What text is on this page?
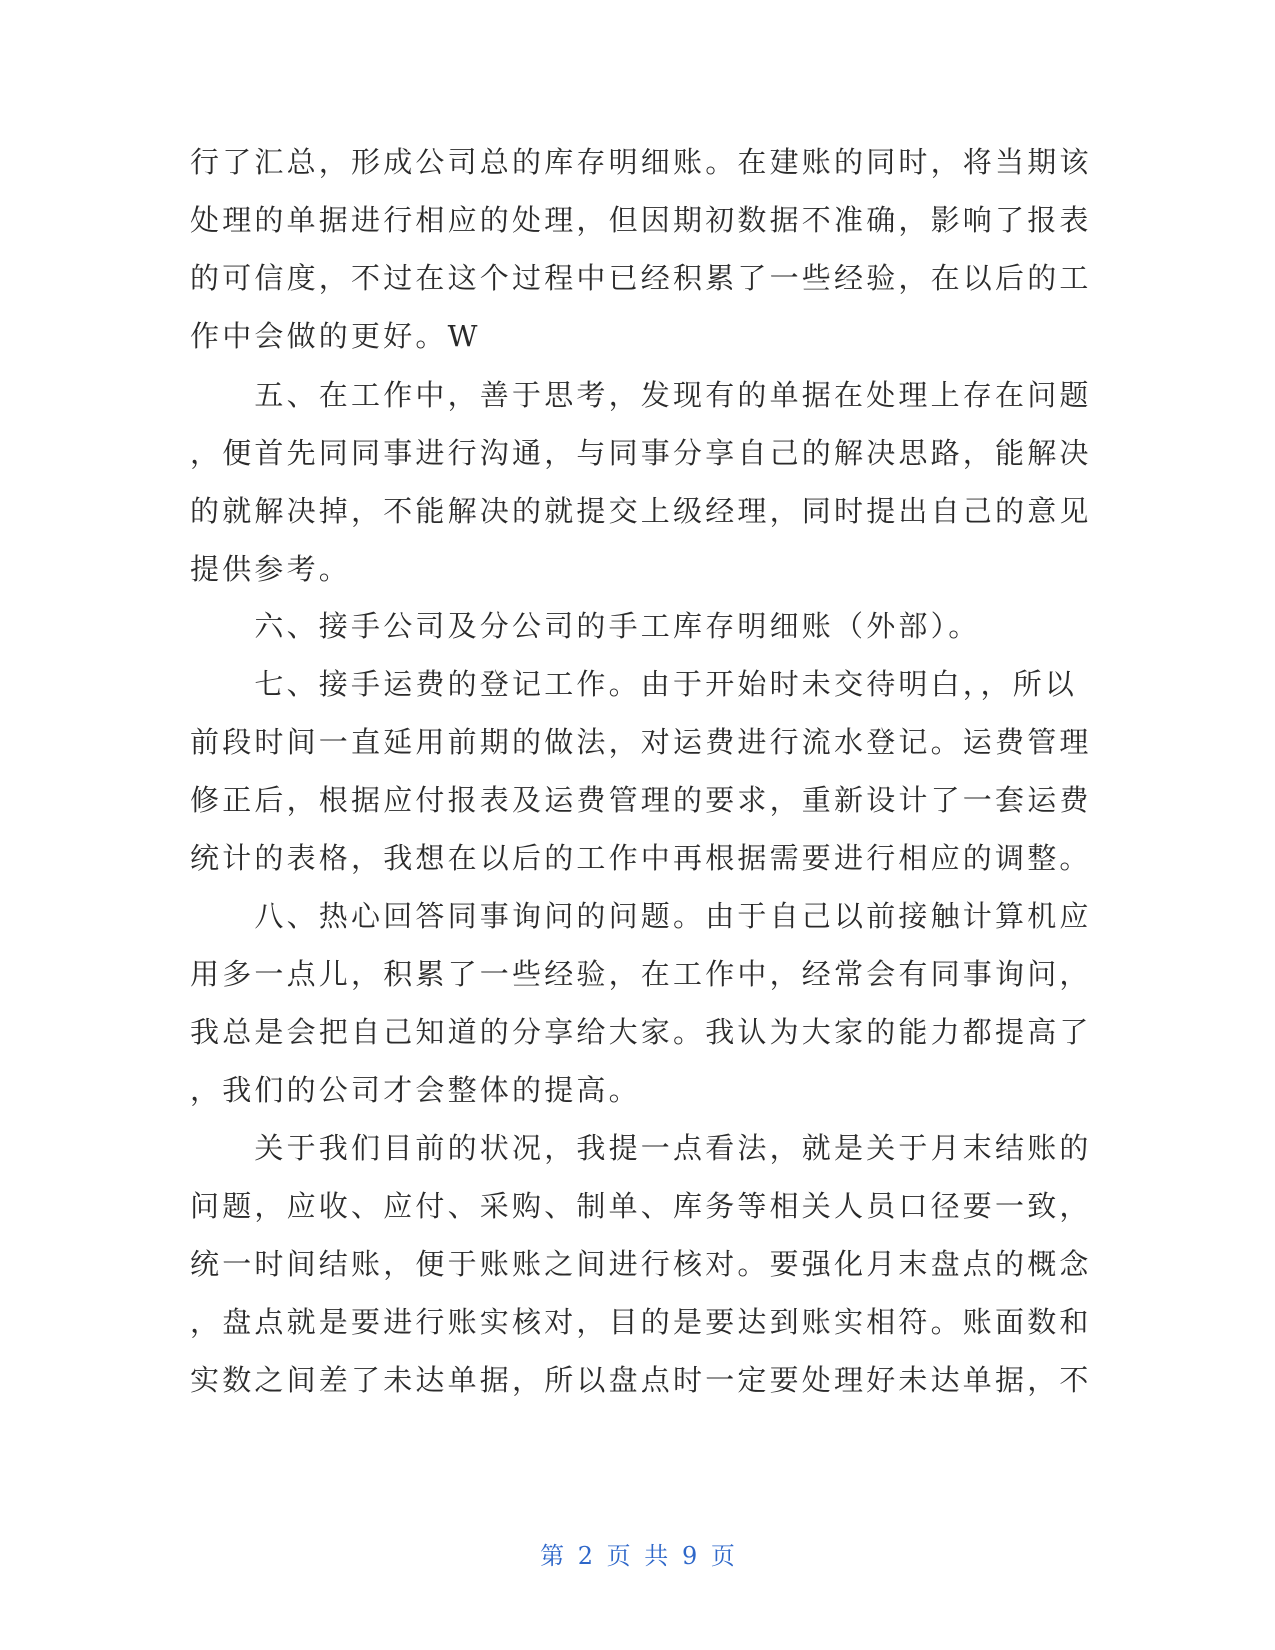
行了汇总，形成公司总的库存明细账。在建账的同时，将当期该
处理的单据进行相应的处理，但因期初数据不准确，影响了报表
的可信度，不过在这个过程中已经积累了一些经验，在以后的工
作中会做的更好。W
　　五、在工作中，善于思考，发现有的单据在处理上存在问题
，便首先同同事进行沟通，与同事分享自己的解决思路，能解决
的就解决掉，不能解决的就提交上级经理，同时提出自己的意见
提供参考。
　　六、接手公司及分公司的手工库存明细账（外部）。
　　七、接手运费的登记工作。由于开始时未交待明白，，所以
前段时间一直延用前期的做法，对运费进行流水登记。运费管理
修正后，根据应付报表及运费管理的要求，重新设计了一套运费
统计的表格，我想在以后的工作中再根据需要进行相应的调整。
　　八、热心回答同事询问的问题。由于自己以前接触计算机应
用多一点儿，积累了一些经验，在工作中，经常会有同事询问，
我总是会把自己知道的分享给大家。我认为大家的能力都提高了
，我们的公司才会整体的提高。
　　关于我们目前的状况，我提一点看法，就是关于月末结账的
问题，应收、应付、采购、制单、库务等相关人员口径要一致，
统一时间结账，便于账账之间进行核对。要强化月末盘点的概念
，盘点就是要进行账实核对，目的是要达到账实相符。账面数和
实数之间差了未达单据，所以盘点时一定要处理好未达单据，不
第 2 页 共 9 页
